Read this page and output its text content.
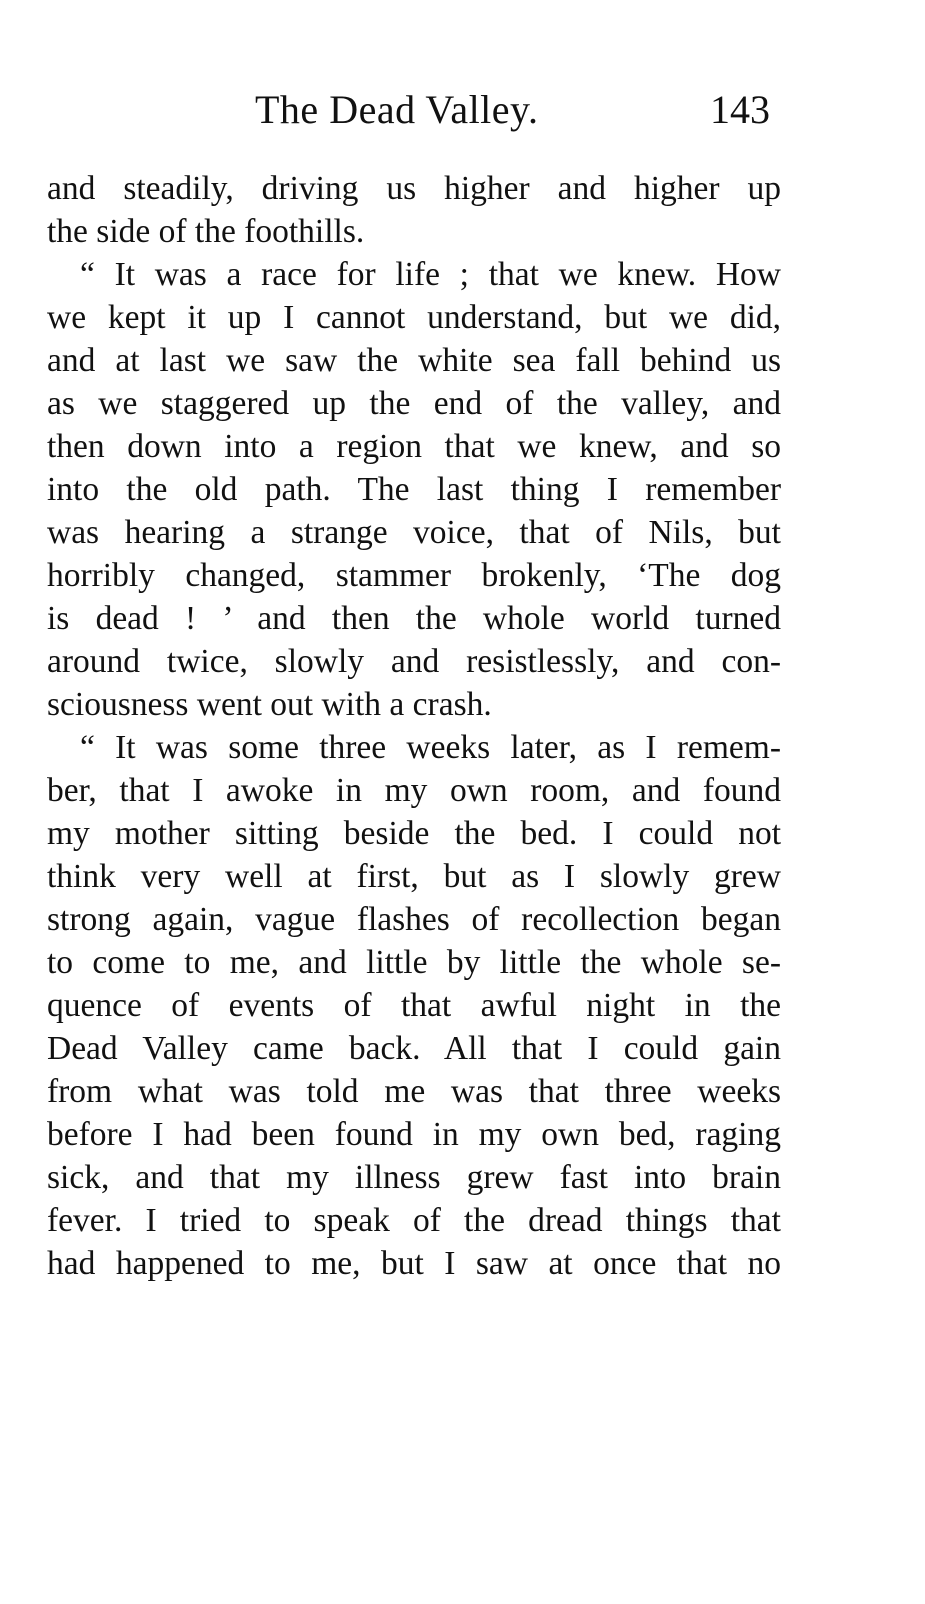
The Dead Valley.	143
and steadily, driving us higher and higher up
the side of the foothills.
“ It was a race for life ; that we knew. How
we kept it up I cannot understand, but we did,
and at last we saw the white sea fall behind us
as we staggered up the end of the valley, and
then down into a region that we knew, and so
into the old path. The last thing I remember
was hearing a strange voice, that of Nils, but
horribly changed, stammer brokenly, ‘The dog
is dead ! ’ and then the whole world turned
around twice, slowly and resistlessly, and con-
sciousness went out with a crash.
“ It was some three weeks later, as I remem-
ber, that I awoke in my own room, and found
my mother sitting beside the bed. I could not
think very well at first, but as I slowly grew
strong again, vague flashes of recollection began
to come to me, and little by little the whole se-
quence of events of that awful night in the
Dead Valley came back. All that I could gain
from what was told me was that three weeks
before I had been found in my own bed, raging
sick, and that my illness grew fast into brain
fever. I tried to speak of the dread things that
had happened to me, but I saw at once that no
